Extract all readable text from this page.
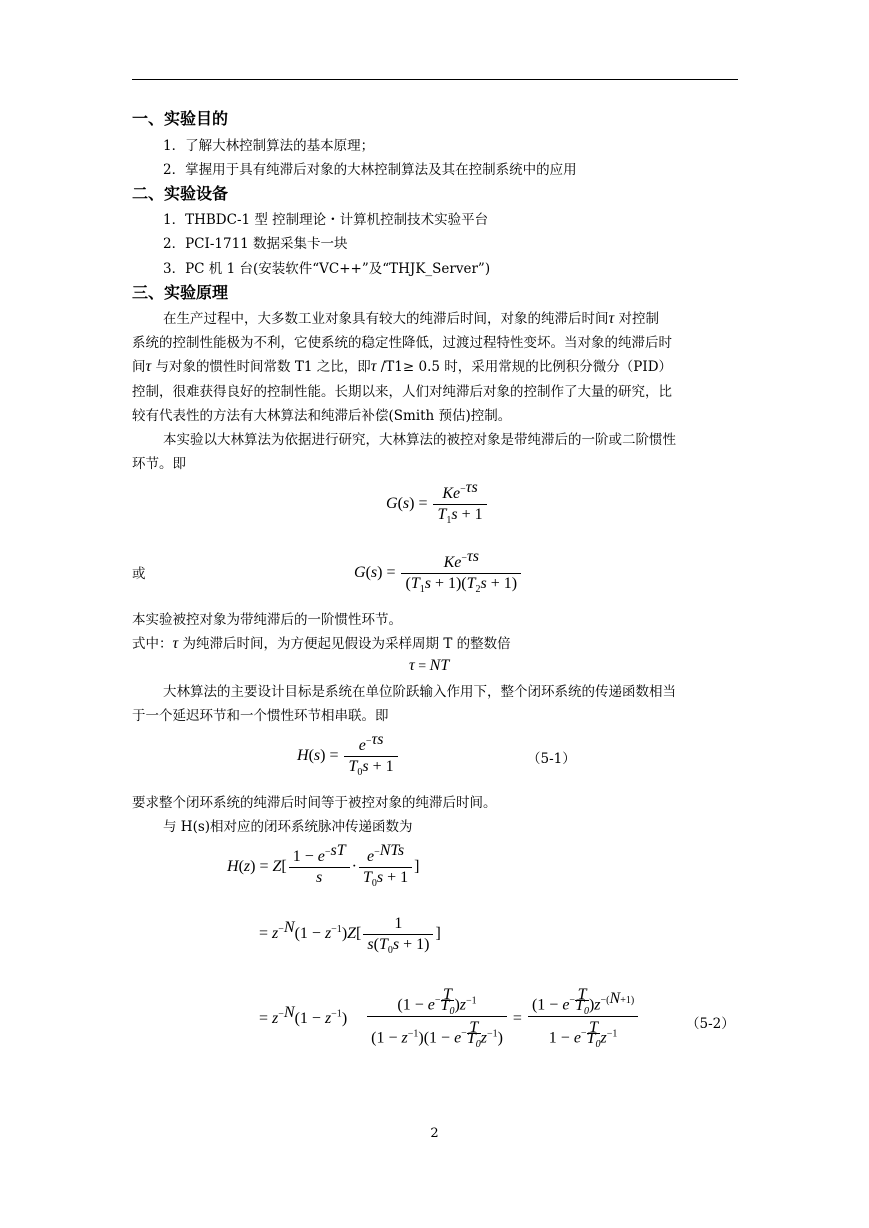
一、实验目的
1．了解大林控制算法的基本原理；
2．掌握用于具有纯滞后对象的大林控制算法及其在控制系统中的应用
二、实验设备
1．THBDC-1 型 控制理论・计算机控制技术实验平台
2．PCI-1711 数据采集卡一块
3．PC 机 1 台(安装软件“VC++”及“THJK_Server”)
三、实验原理
在生产过程中，大多数工业对象具有较大的纯滞后时间，对象的纯滞后时间τ 对控制
系统的控制性能极为不利，它使系统的稳定性降低，过渡过程特性变坏。当对象的纯滞后时
间τ 与对象的惯性时间常数 T1 之比，即τ /T1≥ 0.5 时，采用常规的比例积分微分（PID）
控制，很难获得良好的控制性能。长期以来，人们对纯滞后对象的控制作了大量的研究，比
较有代表性的方法有大林算法和纯滞后补偿(Smith 预估)控制。
本实验以大林算法为依据进行研究，大林算法的被控对象是带纯滞后的一阶或二阶惯性
环节。即
$G(s) = \frac{Ke^{-\tau s}}{T_1s + 1}$
或	$G(s) = \frac{Ke^{-\tau s}}{(T_1s + 1)(T_2s + 1)}$
本实验被控对象为带纯滞后的一阶惯性环节。
式中：τ 为纯滞后时间，为方便起见假设为采样周期 T 的整数倍
τ = NT
大林算法的主要设计目标是系统在单位阶跃输入作用下，整个闭环系统的传递函数相当
于一个延迟环节和一个惯性环节相串联。即
$H(s) = \frac{e^{-\tau s}}{T_0s + 1}$	（5-1）
要求整个闭环系统的纯滞后时间等于被控对象的纯滞后时间。
与 H(s)相对应的闭环系统脉冲传递函数为
$H(z) = Z[ \frac{1 - e^{-sT}}{s} \cdot \frac{e^{-NTs}}{T_0s + 1}$ ]
= $z^{-N}(1 - z^{-1})Z[ \frac{1}{s(T_0s + 1)}$ ]
= $z^{-N}(1 - z^{-1}) (1 - e^{- \frac{T}{T_0}}$ )$z^{-1}$
$(1 - z^{-1})(1 - e^{- \frac{T}{T_0}}$ $z^{-1}) = (1 - e^{- \frac{T}{T_0}}$ )$z^{-(N+1)}$
$1 - e^{- \frac{T}{T_0}}$ $z^{-1}$	（5-2）
2
